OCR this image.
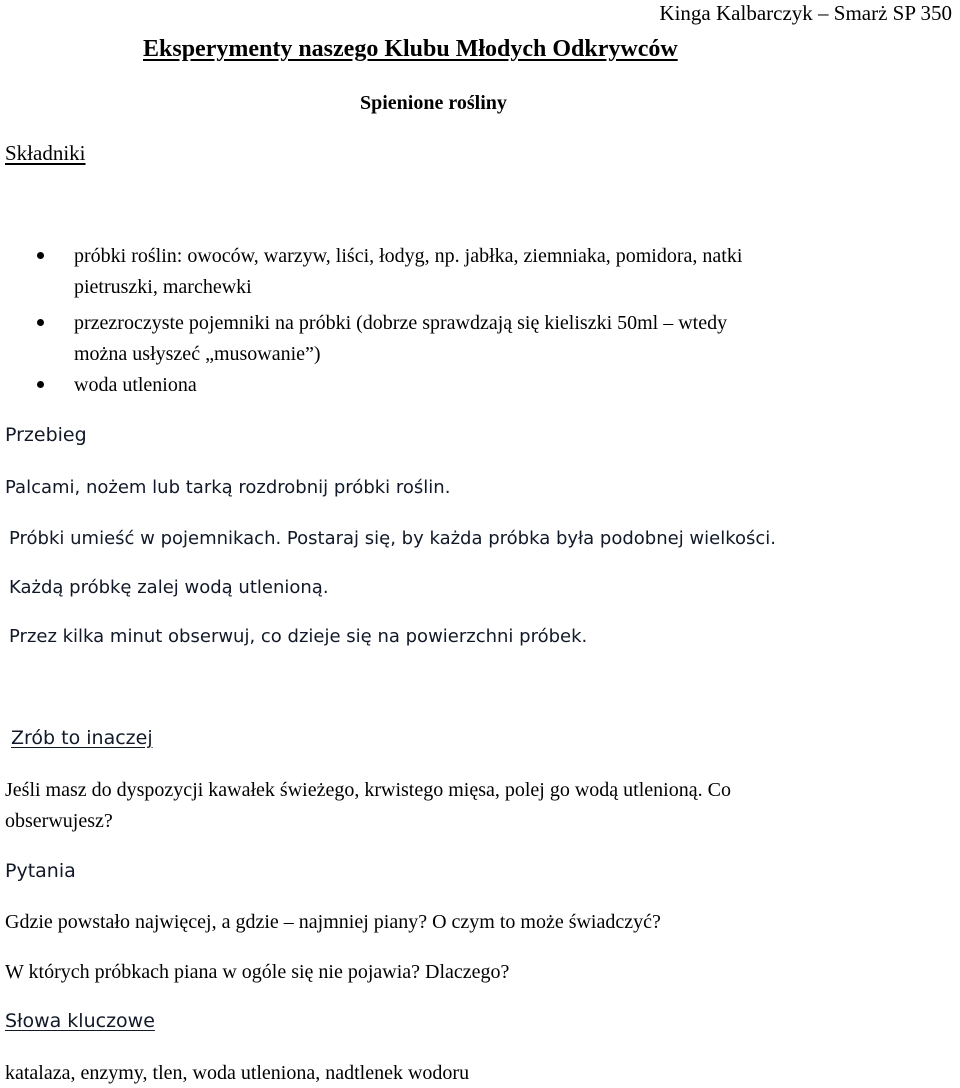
Kinga Kalbarczyk – Smarż SP 350
Eksperymenty naszego Klubu Młodych Odkrywców
Spienione rośliny
Składniki
próbki roślin: owoców, warzyw, liści, łodyg, np. jabłka, ziemniaka, pomidora, natki
pietruszki, marchewki
przezroczyste pojemniki na próbki (dobrze sprawdzają się kieliszki 50ml – wtedy
można usłyszeć „musowanie”)
woda utleniona
Przebieg
Palcami, nożem lub tarką rozdrobnij próbki roślin.
Próbki umieść w pojemnikach. Postaraj się, by każda próbka była podobnej wielkości.
Każdą próbkę zalej wodą utlenioną.
Przez kilka minut obserwuj, co dzieje się na powierzchni próbek.
Zrób to inaczej
Jeśli masz do dyspozycji kawałek świeżego, krwistego mięsa, polej go wodą utlenioną. Co
obserwujesz?
Pytania
Gdzie powstało najwięcej, a gdzie – najmniej piany? O czym to może świadczyć?
W których próbkach piana w ogóle się nie pojawia? Dlaczego?
Słowa kluczowe
katalaza, enzymy, tlen, woda utleniona, nadtlenek wodoru
